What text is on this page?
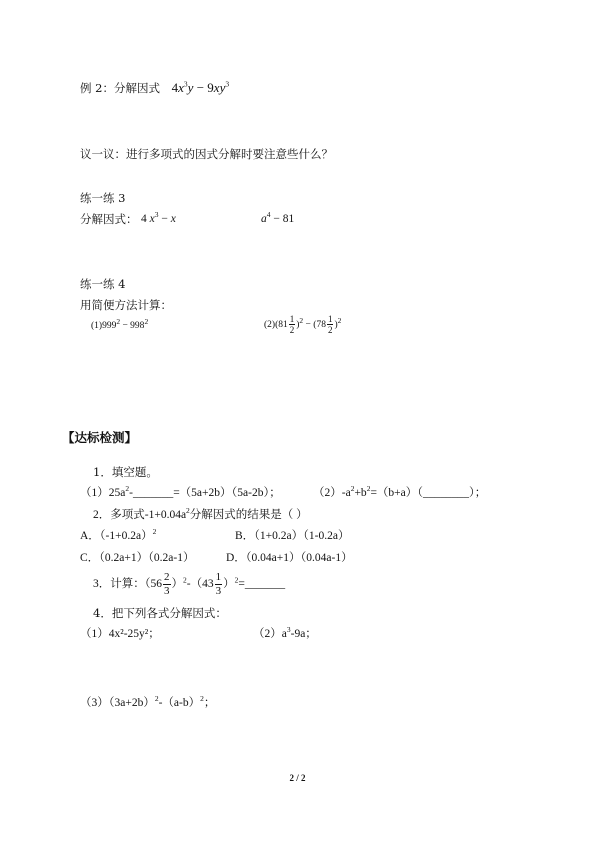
例 2：分解因式 $4x^3y - 9xy^3$
议一议：进行多项式的因式分解时要注意些什么？
练一练 3
分解因式： 4 $x^3 - x$	$a^4 - 81$
练一练 4
用简便方法计算：
$(1)999^2 - 998^2$	$(2)(81 \frac{1}{2} )^2 - (78 \frac{1}{2} )^2$
【达标检测】
1．填空题。
$(1)25a^2-\_\_\_\_\_\_\_=(5a+2b)(5a-2b)$；	$(2)-a^2+b^2=(b+a)(\_\_\_\_\_\_\_\_)$；
2．多项式$-1+0.04a^2$分解因式的结果是（ ）
A．$(-1+0.2a)^2$	B．（1+0.2a）（1-0.2a）
C．（0.2a+1）（0.2a-1）	D．（0.04a+1）（0.04a-1）
3．计算：$(56 \frac{2}{3} )^2-(43 \frac{1}{3}$ ）$^2$=_______
4．把下列各式分解因式：
（1）4x²-25y²；	$(2)a^3-9a$；
$(3)(3a+2b)^2-(a-b)^2$；
2 / 2
